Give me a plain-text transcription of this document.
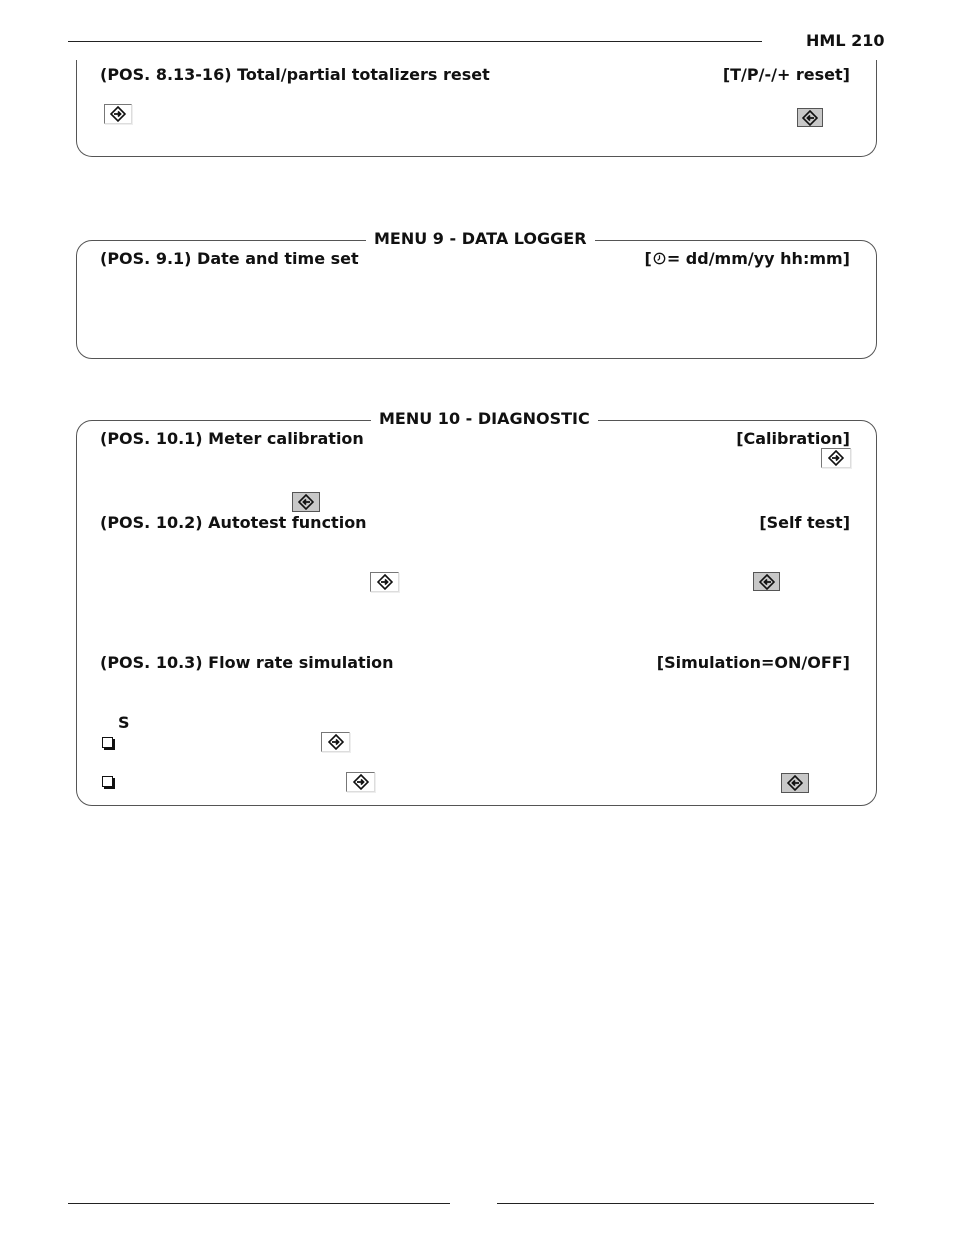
HML 210
(POS. 8.13-16) Total/partial totalizers reset	[T/P/-/+ reset]
MENU 9 - DATA LOGGER
(POS. 9.1) Date and time set	[ = dd/mm/yy hh:mm]
MENU 10 - DIAGNOSTIC
(POS. 10.1) Meter calibration	[Calibration]
(POS. 10.2) Autotest function	[Self test]
(POS. 10.3) Flow rate simulation	[Simulation=ON/OFF]
S
